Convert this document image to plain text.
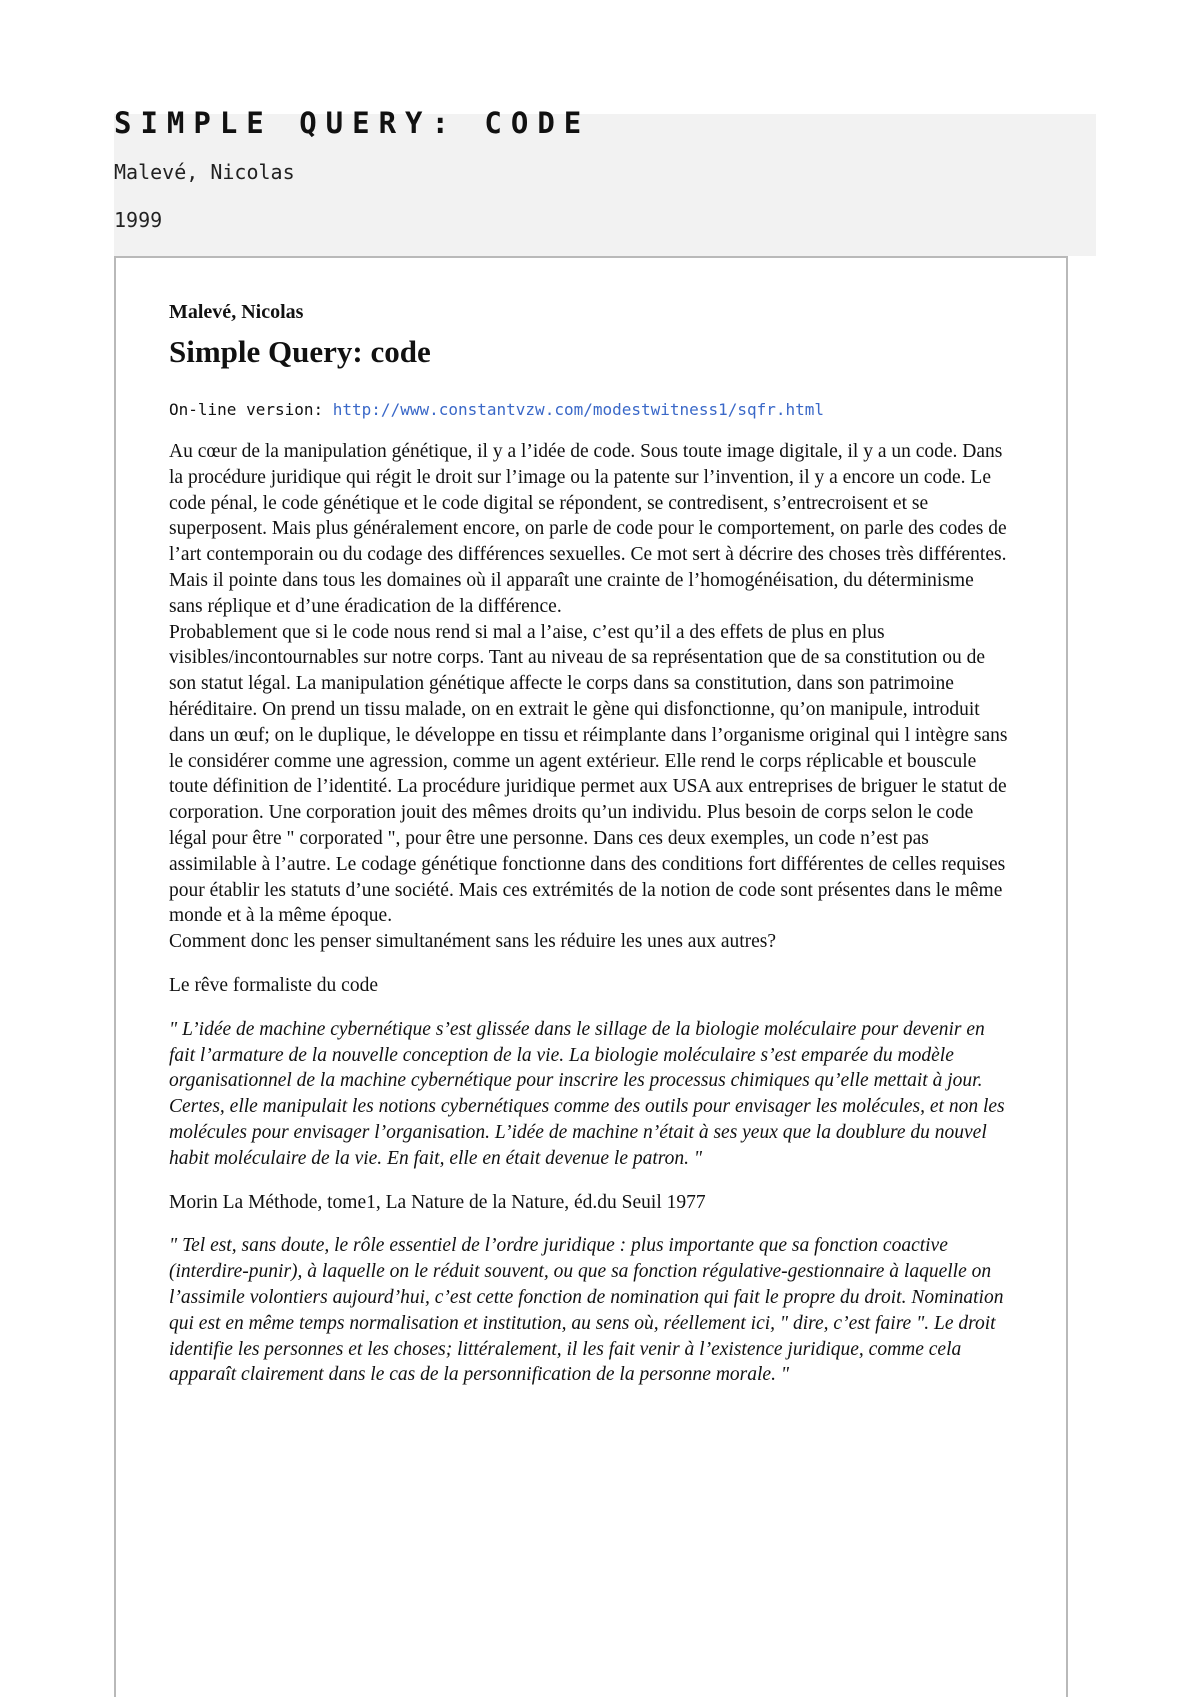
SIMPLE QUERY: CODE
Malevé, Nicolas
1999

Malevé, Nicolas

Simple Query: code

On-line version: http://www.constantvzw.com/modestwitness1/sqfr.html

Au cœur de la manipulation génétique, il y a l’idée de code. Sous toute image digitale, il y a un code. Dans la procédure juridique qui régit le droit sur l’image ou la patente sur l’invention, il y a encore un code. Le code pénal, le code génétique et le code digital se répondent, se contredisent, s’entrecroisent et se superposent. Mais plus généralement encore, on parle de code pour le comportement, on parle des codes de l’art contemporain ou du codage des différences sexuelles. Ce mot sert à décrire des choses très différentes. Mais il pointe dans tous les domaines où il apparaît une crainte de l’homogénéisation, du déterminisme sans réplique et d’une éradication de la différence.

Probablement que si le code nous rend si mal a l’aise, c’est qu’il a des effets de plus en plus visibles/incontournables sur notre corps. Tant au niveau de sa représentation que de sa constitution ou de son statut légal. La manipulation génétique affecte le corps dans sa constitution, dans son patrimoine héréditaire. On prend un tissu malade, on en extrait le gène qui disfonctionne, qu’on manipule, introduit dans un œuf; on le duplique, le développe en tissu et réimplante dans l’organisme original qui l intègre sans le considérer comme une agression, comme un agent extérieur. Elle rend le corps réplicable et bouscule toute définition de l’identité. La procédure juridique permet aux USA aux entreprises de briguer le statut de corporation. Une corporation jouit des mêmes droits qu’un individu. Plus besoin de corps selon le code légal pour être " corporated ", pour être une personne. Dans ces deux exemples, un code n’est pas assimilable à l’autre. Le codage génétique fonctionne dans des conditions fort différentes de celles requises pour établir les statuts d’une société. Mais ces extrémités de la notion de code sont présentes dans le même monde et à la même époque.

Comment donc les penser simultanément sans les réduire les unes aux autres?

Le rêve formaliste du code

" L’idée de machine cybernétique s’est glissée dans le sillage de la biologie moléculaire pour devenir en fait l’armature de la nouvelle conception de la vie. La biologie moléculaire s’est emparée du modèle organisationnel de la machine cybernétique pour inscrire les processus chimiques qu’elle mettait à jour. Certes, elle manipulait les notions cybernétiques comme des outils pour envisager les molécules, et non les molécules pour envisager l’organisation. L’idée de machine n’était à ses yeux que la doublure du nouvel habit moléculaire de la vie. En fait, elle en était devenue le patron. "

Morin La Méthode, tome1, La Nature de la Nature, éd.du Seuil 1977

" Tel est, sans doute, le rôle essentiel de l’ordre juridique : plus importante que sa fonction coactive (interdire-punir), à laquelle on le réduit souvent, ou que sa fonction régulative-gestionnaire à laquelle on l’assimile volontiers aujourd’hui, c’est cette fonction de nomination qui fait le propre du droit. Nomination qui est en même temps normalisation et institution, au sens où, réellement ici, " dire, c’est faire ". Le droit identifie les personnes et les choses; littéralement, il les fait venir à l’existence juridique, comme cela apparaît clairement dans le cas de la personnification de la personne morale. "
